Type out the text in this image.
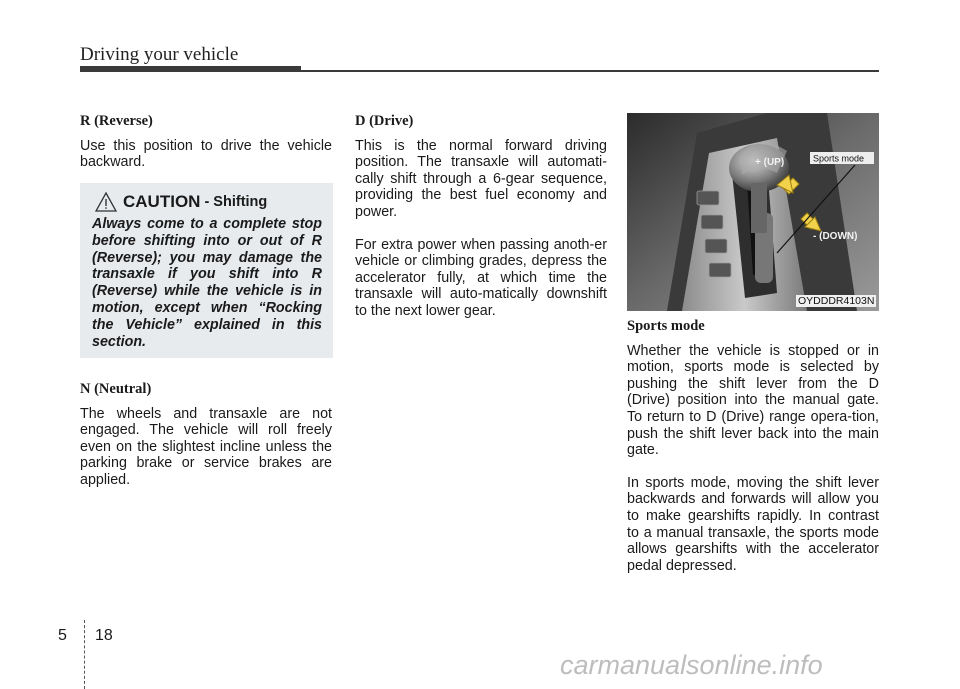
Driving your vehicle

R (Reverse)

Use this position to drive the vehicle backward.

CAUTION - Shifting
Always come to a complete stop before shifting into or out of R (Reverse); you may damage the transaxle if you shift into R (Reverse) while the vehicle is in motion, except when “Rocking the Vehicle” explained in this section.

N (Neutral)

The wheels and transaxle are not engaged. The vehicle will roll freely even on the slightest incline unless the parking brake or service brakes are applied.

D (Drive)

This is the normal forward driving position. The transaxle will automati-cally shift through a 6-gear sequence, providing the best fuel economy and power.

For extra power when passing anoth-er vehicle or climbing grades, depress the accelerator fully, at which time the transaxle will auto-matically downshift to the next lower gear.

+ (UP)	Sports mode
- (DOWN)
OYDDDR4103N

Sports mode

Whether the vehicle is stopped or in motion, sports mode is selected by pushing the shift lever from the D (Drive) position into the manual gate. To return to D (Drive) range opera-tion, push the shift lever back into the main gate.

In sports mode, moving the shift lever backwards and forwards will allow you to make gearshifts rapidly. In contrast to a manual transaxle, the sports mode allows gearshifts with the accelerator pedal depressed.

5 18
carmanualsonline.info
